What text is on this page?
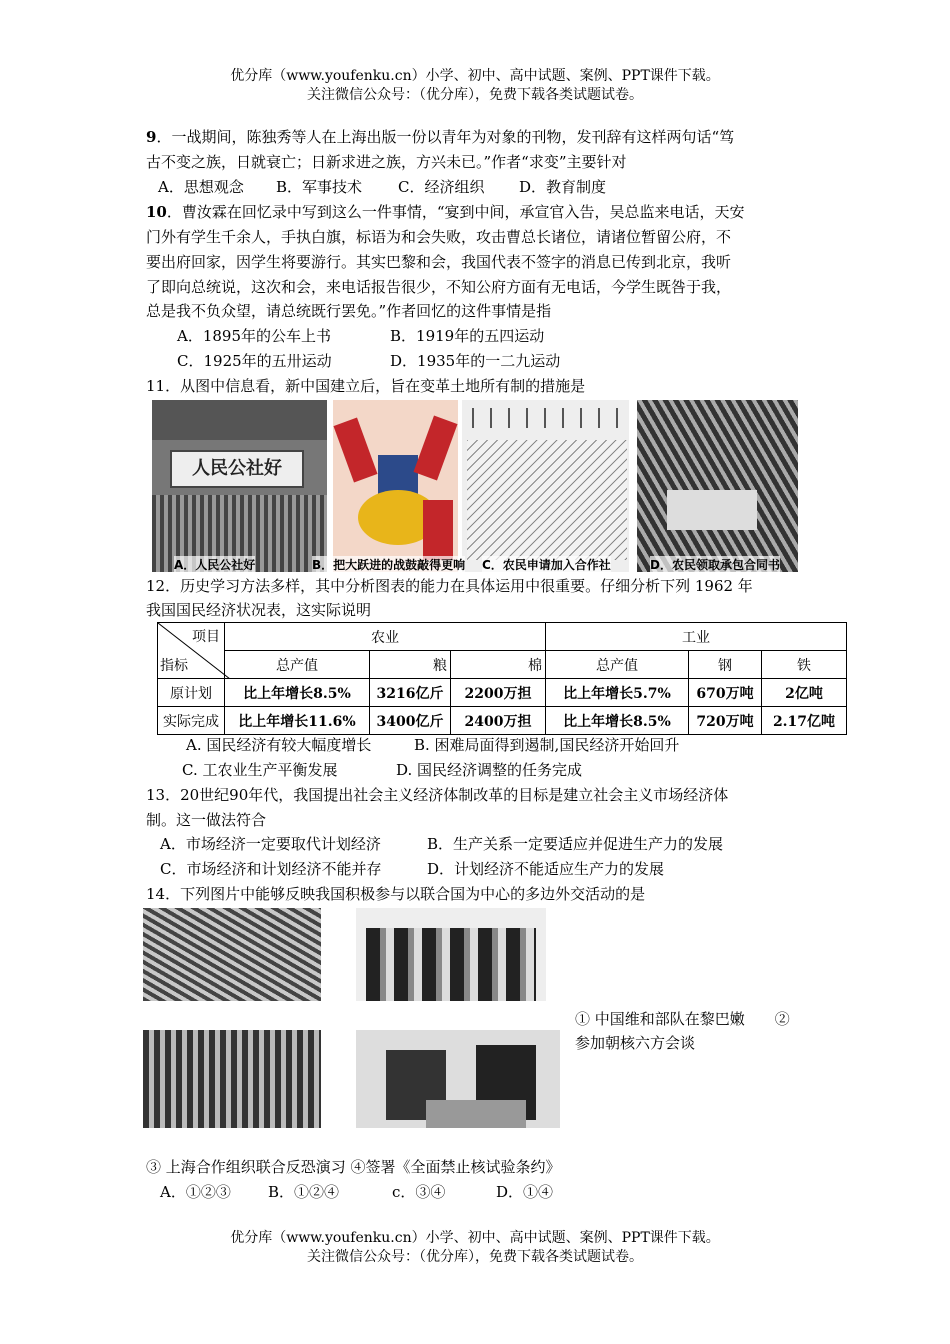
优分库（www.youfenku.cn）小学、初中、高中试题、案例、PPT课件下载。
关注微信公众号：（优分库），免费下载各类试题试卷。
9．一战期间，陈独秀等人在上海出版一份以青年为对象的刊物，发刊辞有这样两句话“笃
古不变之族，日就衰亡；日新求进之族，方兴未已。”作者“求变”主要针对
A．思想观念 B．军事技术 C．经济组织 D．教育制度
10．曹汝霖在回忆录中写到这么一件事情，“宴到中间，承宣官入告，吴总监来电话，天安
门外有学生千余人，手执白旗，标语为和会失败，攻击曹总长诸位，请诸位暂留公府，不
要出府回家，因学生将要游行。其实巴黎和会，我国代表不签字的消息已传到北京，我听
了即向总统说，这次和会，来电话报告很少，不知公府方面有无电话，今学生既咎于我，
总是我不负众望，请总统既行罢免。”作者回忆的这件事情是指
A．1895年的公车上书	B．1919年的五四运动
C．1925年的五卅运动	D．1935年的一二九运动
11．从图中信息看，新中国建立后，旨在变革土地所有制的措施是
人民公社好
A．人民公社好	B．把大跃进的战鼓敲得更响 C．农民申请加入合作社	D．农民领取承包合同书
12．历史学习方法多样，其中分析图表的能力在具体运用中很重要。仔细分析下列 1962 年
我国国民经济状况表，这实际说明
项目
指标	农业			工业		
	总产值	粮	棉	总产值	钢	铁
原计划	比上年增长8.5%	3216亿斤	2200万担	比上年增长5.7%	670万吨	2亿吨
实际完成	比上年增长11.6%	3400亿斤	2400万担	比上年增长8.5%	720万吨	2.17亿吨
A. 国民经济有较大幅度增长	B. 困难局面得到遏制,国民经济开始回升
C. 工农业生产平衡发展	D. 国民经济调整的任务完成
13．20世纪90年代，我国提出社会主义经济体制改革的目标是建立社会主义市场经济体
制。这一做法符合
A．市场经济一定要取代计划经济	B．生产关系一定要适应并促进生产力的发展
C．市场经济和计划经济不能并存	D．计划经济不能适应生产力的发展
14．下列图片中能够反映我国积极参与以联合国为中心的多边外交活动的是
① 中国维和部队在黎巴嫩　　②
参加朝核六方会谈
③ 上海合作组织联合反恐演习 ④签署《全面禁止核试验条约》
A．①②③ B．①②④	c．③④	D．①④
优分库（www.youfenku.cn）小学、初中、高中试题、案例、PPT课件下载。
关注微信公众号：（优分库），免费下载各类试题试卷。
